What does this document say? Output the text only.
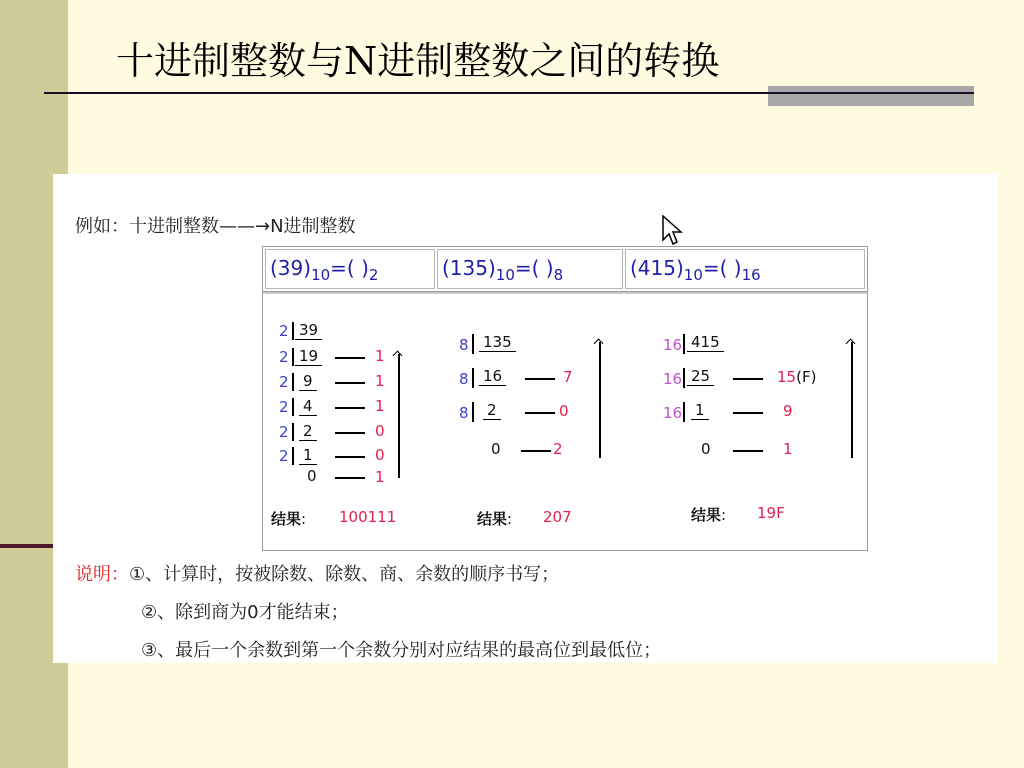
十进制整数与N进制整数之间的转换
例如：十进制整数——→N进制整数
$(39)_{10}=$( )$_2$	$(135)_{10}=$( )$_8$	$(415)_{10}=$( )$_{16}$
2 39
2 19	1
2 9	1
2 4	1
2 2	0
2 1	0
0	1
结果: 100111
8 135
8 16	7
8 2	0
0	2
结果: 207
16 415
16 25	15(F)
16 1	9
0	1
结果: 19F
说明：①、计算时，按被除数、除数、商、余数的顺序书写；
②、除到商为0才能结束；
③、最后一个余数到第一个余数分别对应结果的最高位到最低位；
